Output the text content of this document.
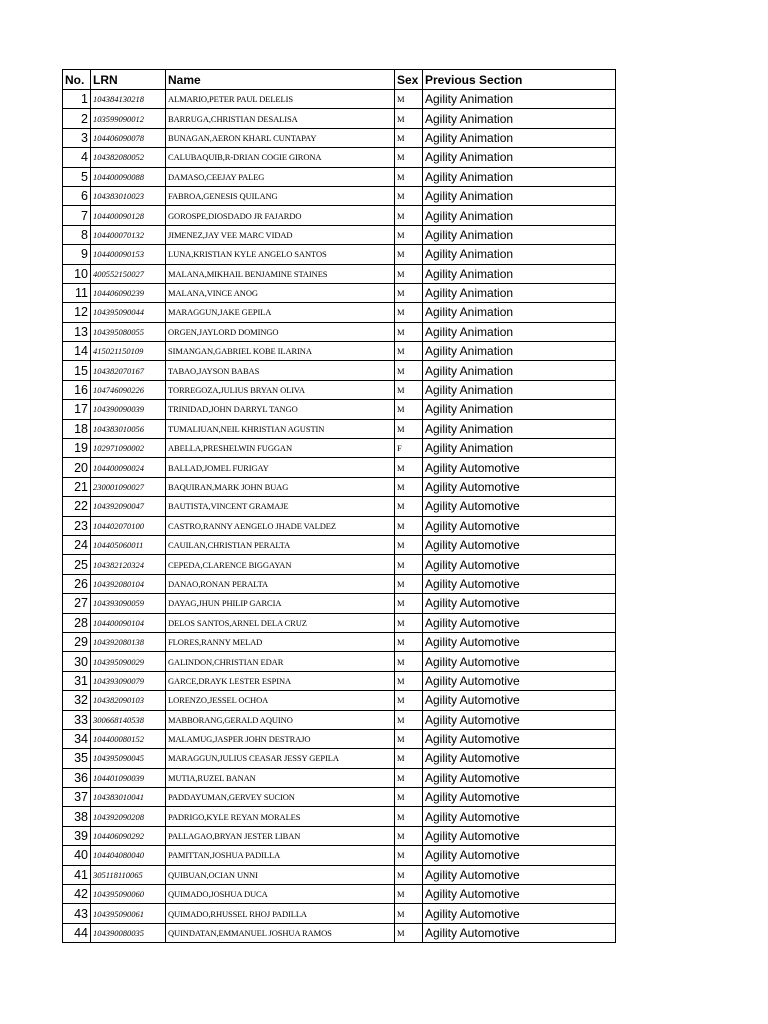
No.	LRN	Name	Sex	Previous Section
1	104384130218	ALMARIO,PETER PAUL DELELIS	M	Agility Animation
2	103599090012	BARRUGA,CHRISTIAN DESALISA	M	Agility Animation
3	104406090078	BUNAGAN,AERON KHARL CUNTAPAY	M	Agility Animation
4	104382080052	CALUBAQUIB,R-DRIAN COGIE GIRONA	M	Agility Animation
5	104400090088	DAMASO,CEEJAY PALEG	M	Agility Animation
6	104383010023	FABROA,GENESIS QUILANG	M	Agility Animation
7	104400090128	GOROSPE,DIOSDADO JR FAJARDO	M	Agility Animation
8	104400070132	JIMENEZ,JAY VEE MARC VIDAD	M	Agility Animation
9	104400090153	LUNA,KRISTIAN KYLE ANGELO SANTOS	M	Agility Animation
10	400552150027	MALANA,MIKHAIL BENJAMINE STAINES	M	Agility Animation
11	104406090239	MALANA,VINCE ANOG	M	Agility Animation
12	104395090044	MARAGGUN,JAKE GEPILA	M	Agility Animation
13	104395080055	ORGEN,JAYLORD DOMINGO	M	Agility Animation
14	415021150109	SIMANGAN,GABRIEL KOBE ILARINA	M	Agility Animation
15	104382070167	TABAO,JAYSON BABAS	M	Agility Animation
16	104746090226	TORREGOZA,JULIUS BRYAN OLIVA	M	Agility Animation
17	104390090039	TRINIDAD,JOHN DARRYL TANGO	M	Agility Animation
18	104383010056	TUMALIUAN,NEIL KHRISTIAN AGUSTIN	M	Agility Animation
19	102971090002	ABELLA,PRESHELWIN FUGGAN	F	Agility Animation
20	104400090024	BALLAD,JOMEL FURIGAY	M	Agility Automotive
21	230001090027	BAQUIRAN,MARK JOHN BUAG	M	Agility Automotive
22	104392090047	BAUTISTA,VINCENT GRAMAJE	M	Agility Automotive
23	104402070100	CASTRO,RANNY AENGELO JHADE VALDEZ	M	Agility Automotive
24	104405060011	CAUILAN,CHRISTIAN PERALTA	M	Agility Automotive
25	104382120324	CEPEDA,CLARENCE BIGGAYAN	M	Agility Automotive
26	104392080104	DANAO,RONAN PERALTA	M	Agility Automotive
27	104393090059	DAYAG,JHUN PHILIP GARCIA	M	Agility Automotive
28	104400090104	DELOS SANTOS,ARNEL DELA CRUZ	M	Agility Automotive
29	104392080138	FLORES,RANNY MELAD	M	Agility Automotive
30	104395090029	GALINDON,CHRISTIAN EDAR	M	Agility Automotive
31	104393090079	GARCE,DRAYK LESTER ESPINA	M	Agility Automotive
32	104382090103	LORENZO,JESSEL OCHOA	M	Agility Automotive
33	300668140538	MABBORANG,GERALD AQUINO	M	Agility Automotive
34	104400080152	MALAMUG,JASPER JOHN DESTRAJO	M	Agility Automotive
35	104395090045	MARAGGUN,JULIUS CEASAR JESSY GEPILA	M	Agility Automotive
36	104401090039	MUTIA,RUZEL BANAN	M	Agility Automotive
37	104383010041	PADDAYUMAN,GERVEY SUCION	M	Agility Automotive
38	104392090208	PADRIGO,KYLE REYAN MORALES	M	Agility Automotive
39	104406090292	PALLAGAO,BRYAN JESTER LIBAN	M	Agility Automotive
40	104404080040	PAMITTAN,JOSHUA PADILLA	M	Agility Automotive
41	305118110065	QUIBUAN,OCIAN UNNI	M	Agility Automotive
42	104395090060	QUIMADO,JOSHUA DUCA	M	Agility Automotive
43	104395090061	QUIMADO,RHUSSEL RHOJ PADILLA	M	Agility Automotive
44	104390080035	QUINDATAN,EMMANUEL JOSHUA RAMOS	M	Agility Automotive
